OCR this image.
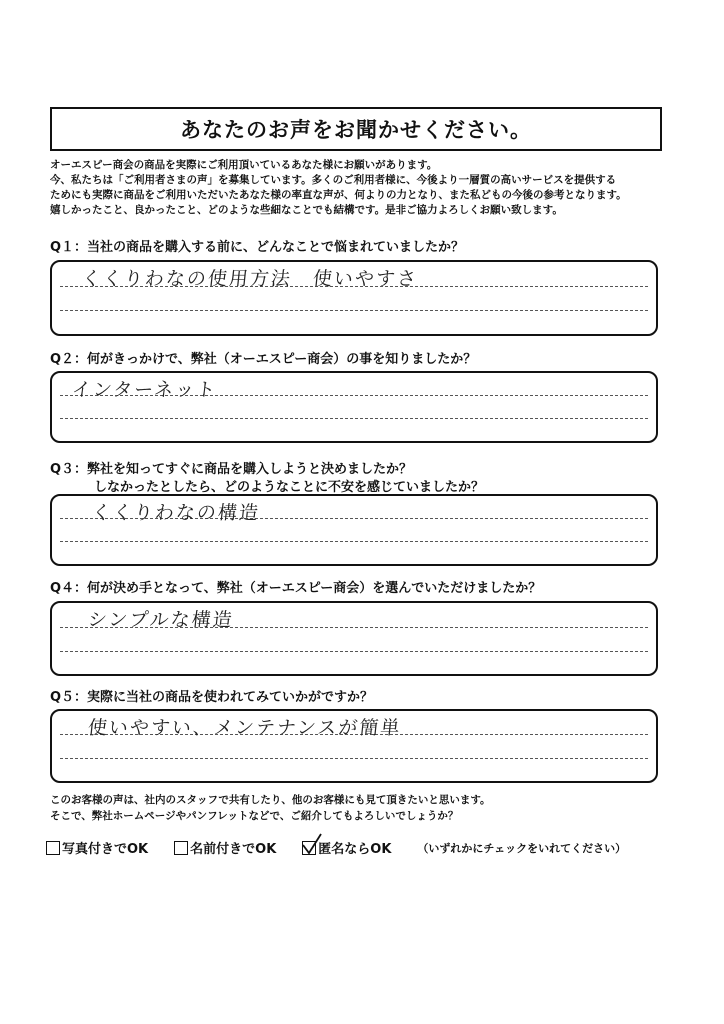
あなたのお声をお聞かせください。
オーエスピー商会の商品を実際にご利用頂いているあなた様にお願いがあります。
今、私たちは「ご利用者さまの声」を募集しています。多くのご利用者様に、今後より一層質の高いサービスを提供する
ためにも実際に商品をご利用いただいたあなた様の率直な声が、何よりの力となり、また私どもの今後の参考となります。
嬉しかったこと、良かったこと、どのような些細なことでも結構です。是非ご協力よろしくお願い致します。
Q１：当社の商品を購入する前に、どんなことで悩まれていましたか？
くくりわなの使用方法　使いやすさ
Q２：何がきっかけで、弊社（オーエスピー商会）の事を知りましたか？
インターネット
Q３：弊社を知ってすぐに商品を購入しようと決めましたか？
しなかったとしたら、どのようなことに不安を感じていましたか？
くくりわなの構造
Q４：何が決め手となって、弊社（オーエスピー商会）を選んでいただけましたか？
シンプルな構造
Q５：実際に当社の商品を使われてみていかがですか？
使いやすい、メンテナンスが簡単
このお客様の声は、社内のスタッフで共有したり、他のお客様にも見て頂きたいと思います。
そこで、弊社ホームページやパンフレットなどで、ご紹介してもよろしいでしょうか？
写真付きでOK	名前付きでOK	匿名ならOK （いずれかにチェックをいれてください）
